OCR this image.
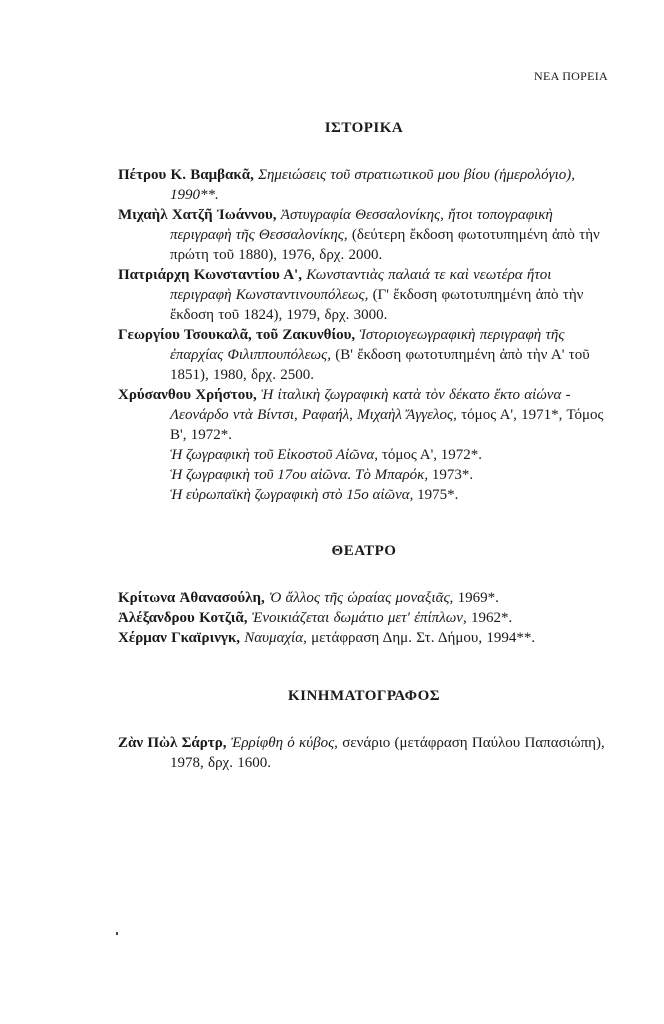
ΝΕΑ ΠΟΡΕΙΑ
ΙΣΤΟΡΙΚΑ

Πέτρου Κ. Βαμβακᾶ, Σημειώσεις τοῦ στρατιωτικοῦ μου βίου (ἡμερολόγιο), 1990**.

Μιχαὴλ Χατζῆ Ἰωάννου, Ἀστυγραφία Θεσσαλονίκης, ἤτοι τοπογραφικὴ περιγραφὴ τῆς Θεσσαλονίκης, (δεύτερη ἔκδοση φωτοτυπημένη ἀπὸ τὴν πρώτη τοῦ 1880), 1976, δρχ. 2000.

Πατριάρχη Κωνσταντίου Α', Κωνσταντιὰς παλαιά τε καὶ νεωτέρα ἤτοι περιγραφὴ Κωνσταντινουπόλεως, (Γ' ἔκδοση φωτοτυπημένη ἀπὸ τὴν ἔκδοση τοῦ 1824), 1979, δρχ. 3000.

Γεωργίου Τσουκαλᾶ, τοῦ Ζακυνθίου, Ἱστοριογεωγραφικὴ περιγραφὴ τῆς ἐπαρχίας Φιλιππουπόλεως, (Β' ἔκδοση φωτοτυπημένη ἀπὸ τὴν Α' τοῦ 1851), 1980, δρχ. 2500.

Χρύσανθου Χρήστου, Ἡ ἰταλικὴ ζωγραφικὴ κατὰ τὸν δέκατο ἕκτο αἰώνα - Λεονάρδο ντὰ Βίντσι, Ραφαήλ, Μιχαὴλ Ἄγγελος, τόμος Α', 1971*, Τόμος Β', 1972*.

Ἡ ζωγραφικὴ τοῦ Εἰκοστοῦ Αἰῶνα, τόμος Α', 1972*.

Ἡ ζωγραφικὴ τοῦ 17ου αἰῶνα. Τὸ Μπαρόκ, 1973*.

Ἡ εὐρωπαϊκὴ ζωγραφικὴ στὸ 15ο αἰῶνα, 1975*.

ΘΕΑΤΡΟ

Κρίτωνα Ἀθανασούλη, Ὁ ἄλλος τῆς ὡραίας μοναξιᾶς, 1969*.

Ἀλέξανδρου Κοτζιᾶ, Ἐνοικιάζεται δωμάτιο μετ' ἐπίπλων, 1962*.

Χέρμαν Γκαϊρινγκ, Ναυμαχία, μετάφραση Δημ. Στ. Δήμου, 1994**.

ΚΙΝΗΜΑΤΟΓΡΑΦΟΣ

Ζὰν Πὼλ Σάρτρ, Ἐρρίφθη ὁ κύβος, σενάριο (μετάφραση Παύλου Παπασιώπη), 1978, δρχ. 1600.
